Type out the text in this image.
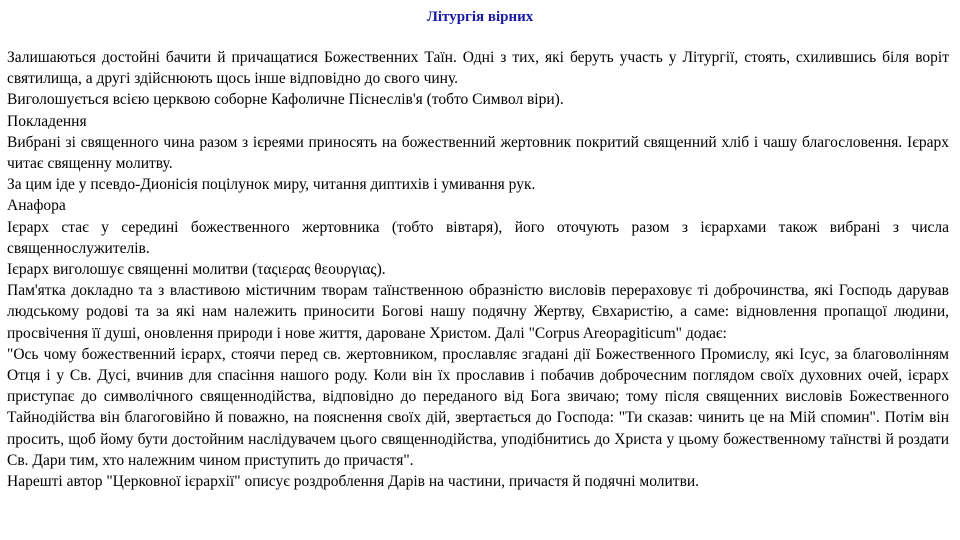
Літургія вірних

Залишаються достойні бачити й причащатися Божественних Таїн. Одні з тих, які беруть участь у Літургії, стоять, схилившись біля воріт святилища, а другі здійснюють щось інше відповідно до свого чину.

Виголошується всією церквою соборне Кафоличне Піснеслів'я (тобто Символ віри).

Покладення

Вибрані зі священного чина разом з ієреями приносять на божественний жертовник покритий священний хліб і чашу благословення. Ієрарх читає священну молитву.

За цим іде у псевдо-Дионісія поцілунок миру, читання диптихів і умивання рук.

Анафора

Ієрарх стає у середині божественного жертовника (тобто вівтаря), його оточують разом з ієрархами також вибрані з числа священнослужителів.

Ієрарх виголошує священні молитви (ταςιερας θεουργιας).

Пам'ятка докладно та з властивою містичним творам таїнственною образністю висловів перераховує ті доброчинства, які Господь дарував людському родові та за які нам належить приносити Богові нашу подячну Жертву, Євхаристію, а саме: відновлення пропащої людини, просвічення її душі, оновлення природи і нове життя, дароване Христом. Далі "Corpus Areopagiticum" додає:

"Ось чому божественний ієрарх, стоячи перед св. жертовником, прославляє згадані дії Божественного Промислу, які Ісус, за благоволінням Отця і у Св. Дусі, вчинив для спасіння нашого роду. Коли він їх прославив і побачив доброчесним поглядом своїх духовних очей, ієрарх приступає до символічного священнодійства, відповідно до переданого від Бога звичаю; тому після священних висловів Божественного Тайнодійства він благоговійно й поважно, на пояснення своїх дій, звертається до Господа: "Ти сказав: чинить це на Мій спомин". Потім він просить, щоб йому бути достойним наслідувачем цього священнодійства, уподібнитись до Христа у цьому божественному таїнстві й роздати Св. Дари тим, хто належним чином приступить до причастя".

Нарешті автор "Церковної ієрархії" описує роздроблення Дарів на частини, причастя й подячні молитви.
